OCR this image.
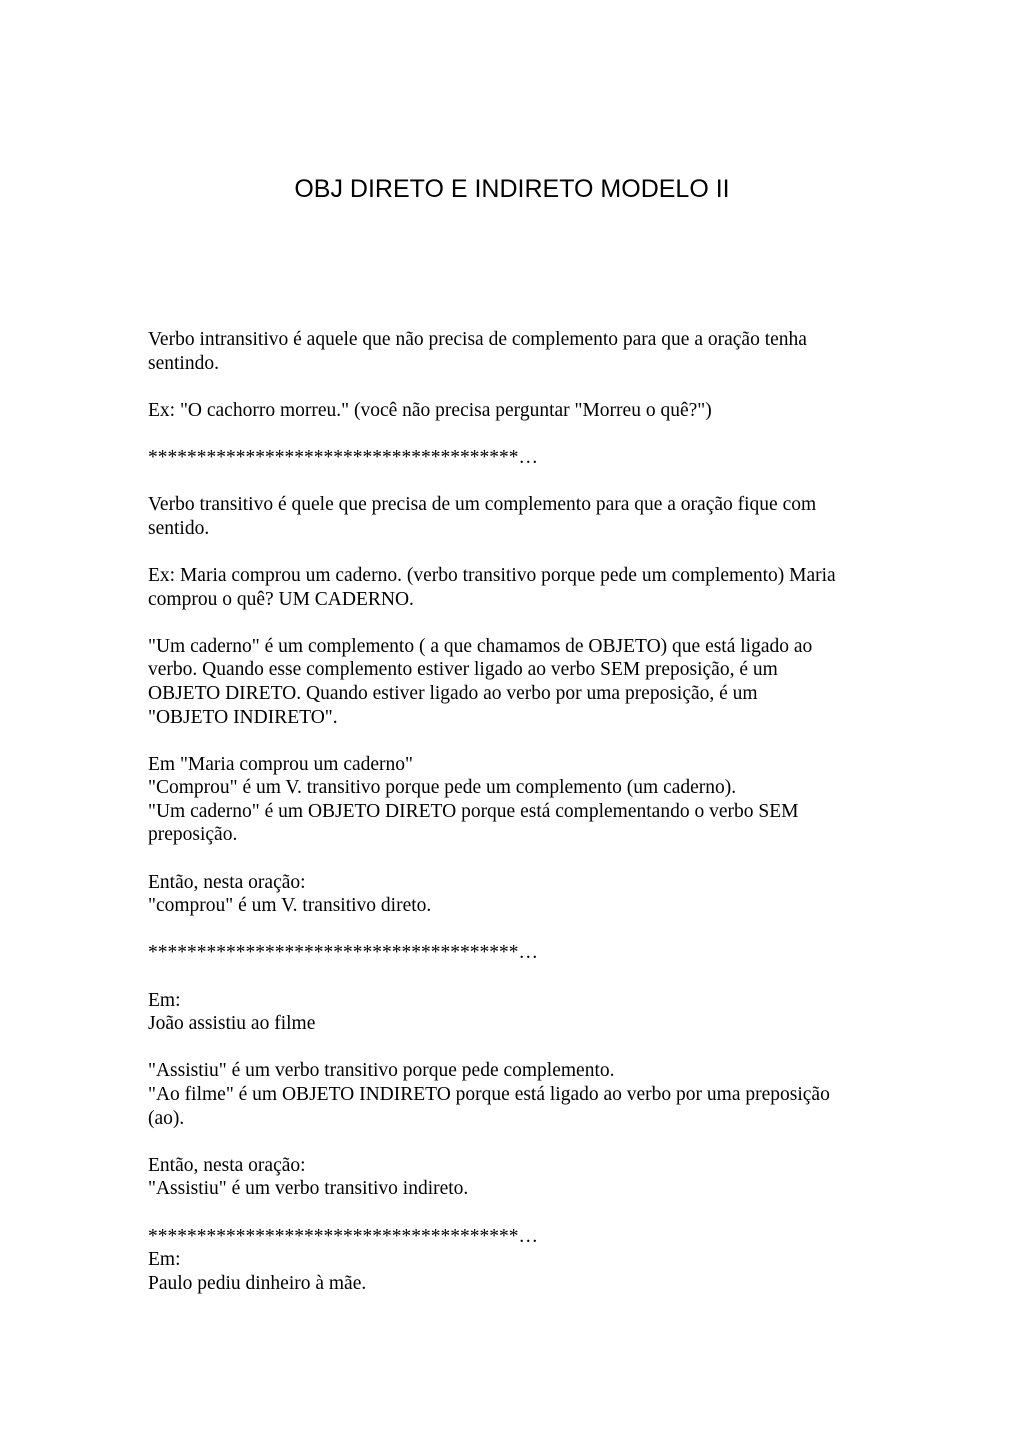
OBJ DIRETO E INDIRETO MODELO II

Verbo intransitivo é aquele que não precisa de complemento para que a oração tenha
sentindo.

Ex: "O cachorro morreu." (você não precisa perguntar "Morreu o quê?")

**************************************…

Verbo transitivo é quele que precisa de um complemento para que a oração fique com
sentido.

Ex: Maria comprou um caderno. (verbo transitivo porque pede um complemento) Maria
comprou o quê? UM CADERNO.

"Um caderno" é um complemento ( a que chamamos de OBJETO) que está ligado ao
verbo. Quando esse complemento estiver ligado ao verbo SEM preposição, é um
OBJETO DIRETO. Quando estiver ligado ao verbo por uma preposição, é um
"OBJETO INDIRETO".

Em "Maria comprou um caderno"
"Comprou" é um V. transitivo porque pede um complemento (um caderno).
"Um caderno" é um OBJETO DIRETO porque está complementando o verbo SEM
preposição.

Então, nesta oração:
"comprou" é um V. transitivo direto.

**************************************…

Em:
João assistiu ao filme

"Assistiu" é um verbo transitivo porque pede complemento.
"Ao filme" é um OBJETO INDIRETO porque está ligado ao verbo por uma preposição
(ao).

Então, nesta oração:
"Assistiu" é um verbo transitivo indireto.

**************************************…

Em:
Paulo pediu dinheiro à mãe.
